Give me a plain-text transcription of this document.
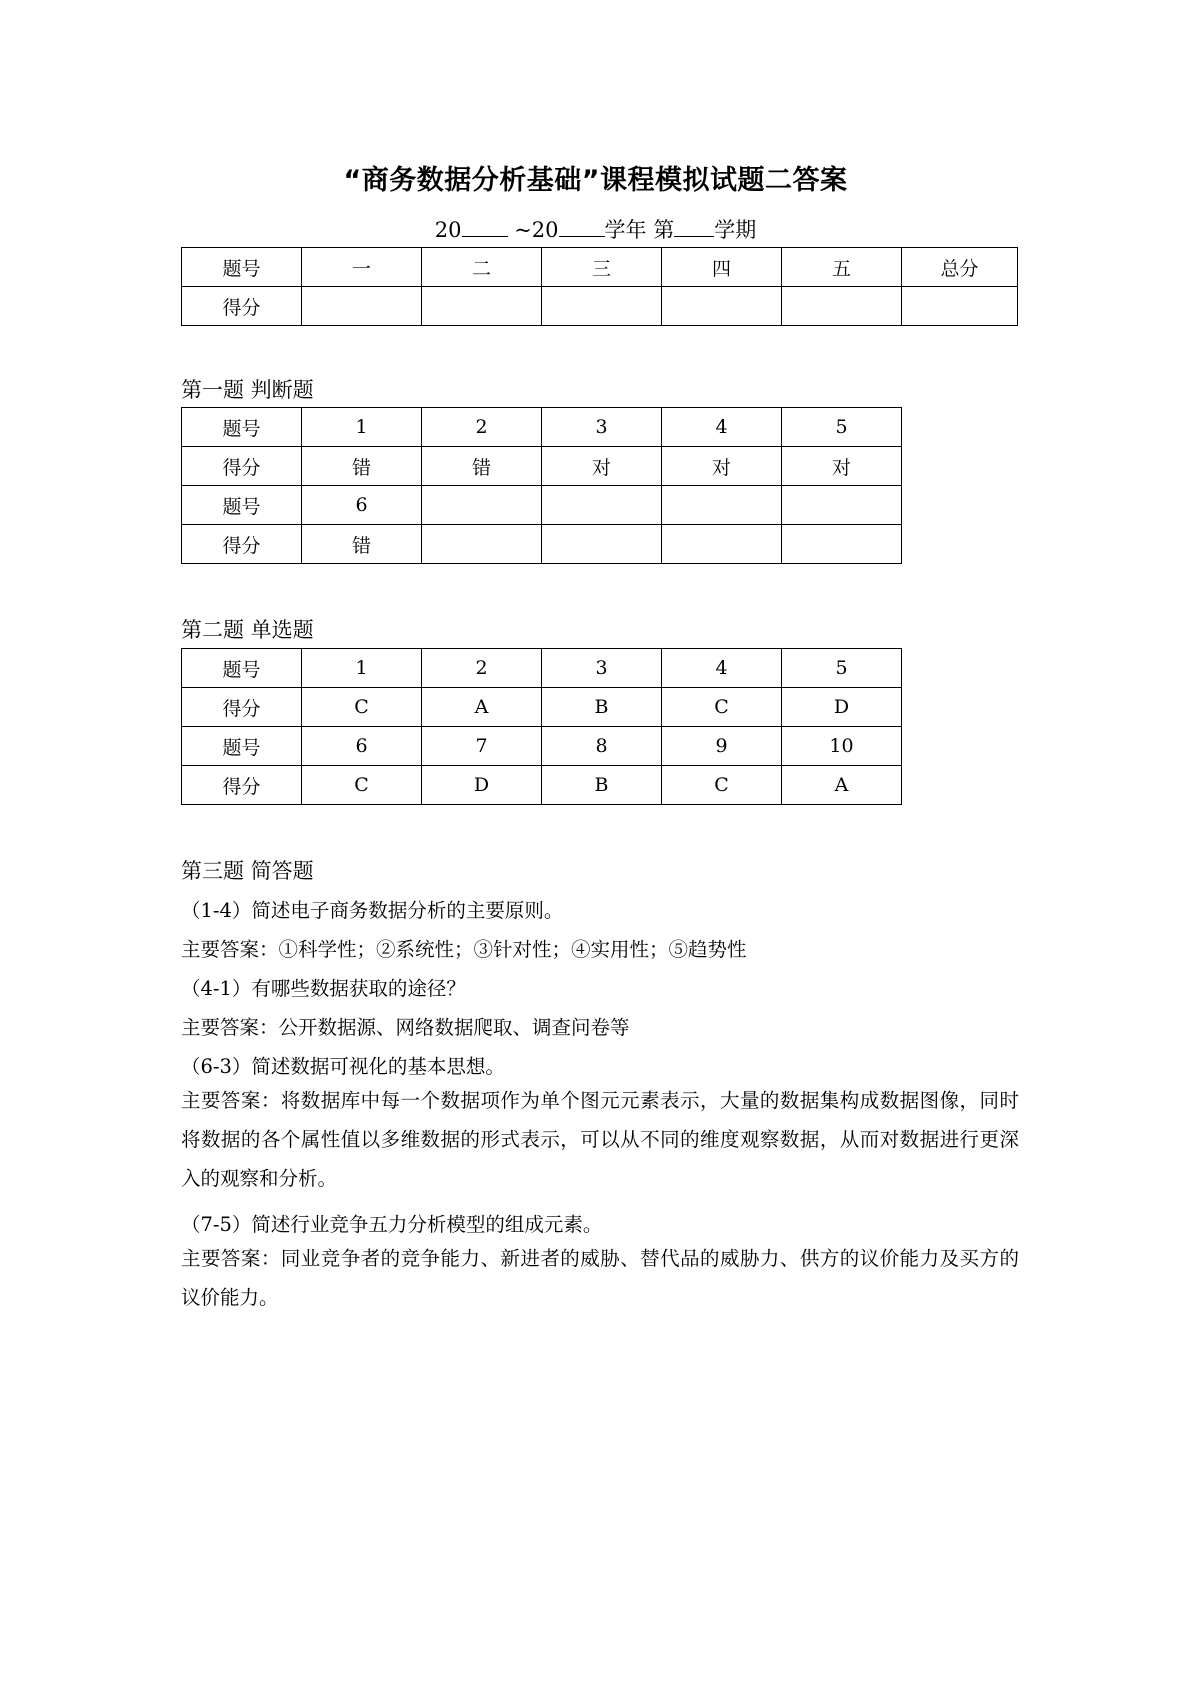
“商务数据分析基础”课程模拟试题二答案
20	~20 学年 第 学期
题号	一	二	三	四	五	总分
得分						
第一题 判断题
题号	1	2	3	4	5
得分	错	错	对	对	对
题号	6				
得分	错				
第二题 单选题
题号	1	2	3	4	5
得分	C	A	B	C	D
题号	6	7	8	9	10
得分	C	D	B	C	A
第三题 简答题
（1-4）简述电子商务数据分析的主要原则。
主要答案：①科学性；②系统性；③针对性；④实用性；⑤趋势性
（4-1）有哪些数据获取的途径？
主要答案：公开数据源、网络数据爬取、调查问卷等
（6-3）简述数据可视化的基本思想。
主要答案：将数据库中每一个数据项作为单个图元元素表示，大量的数据集构成数据图像，同时将数据的各个属性值以多维数据的形式表示，可以从不同的维度观察数据，从而对数据进行更深入的观察和分析。
（7-5）简述行业竞争五力分析模型的组成元素。
主要答案：同业竞争者的竞争能力、新进者的威胁、替代品的威胁力、供方的议价能力及买方的议价能力。
